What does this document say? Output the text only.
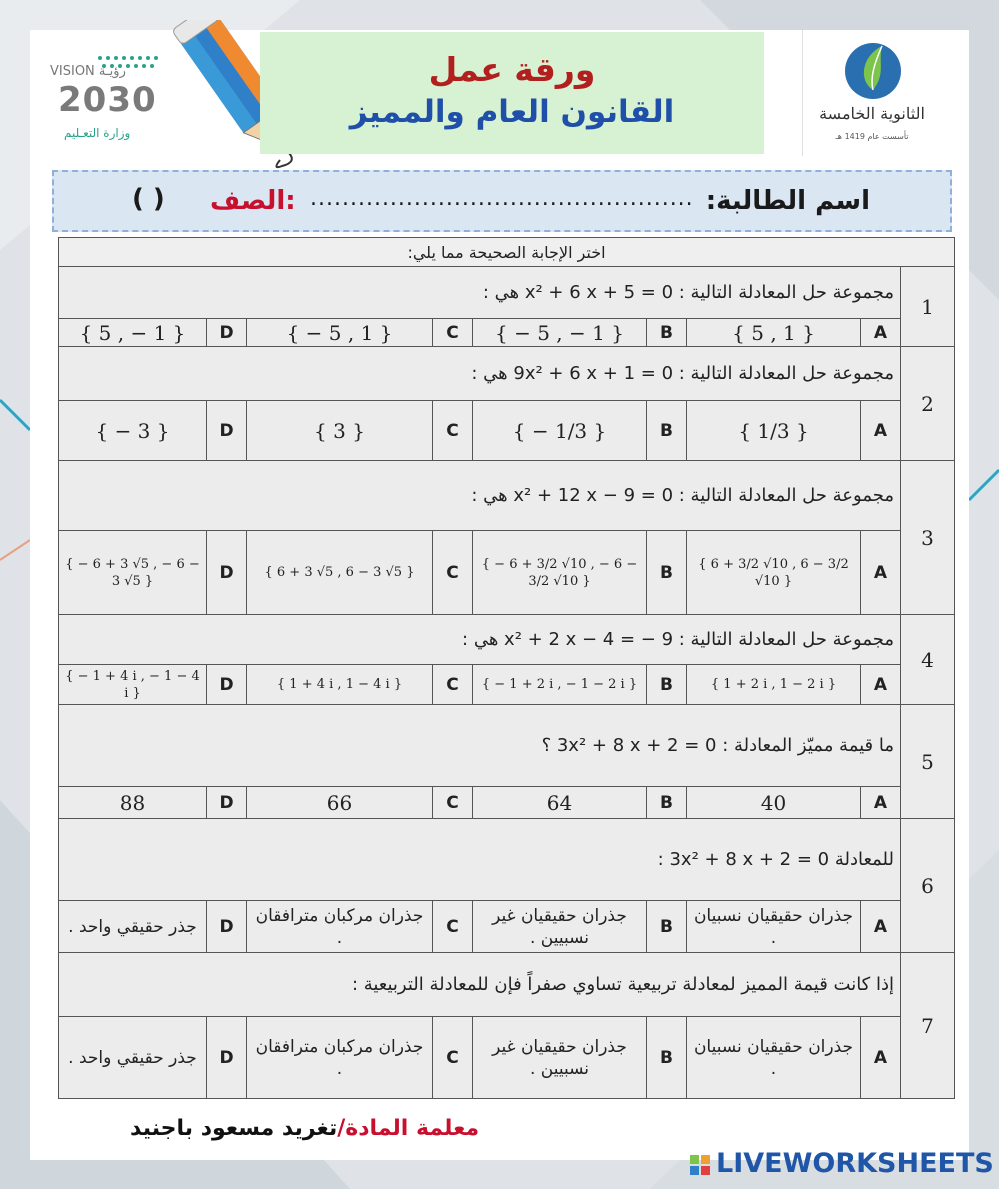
VISION رؤيـة
2030
وزارة التعـليم
ورقة عمل
القانون العام والمميز	الثانوية الخامسة
تأسست عام 1419 هـ
اسم الطالبة:
................................................
الصف:
( )
اختر الإجابة الصحيحة مما يلي:								
مجموعة حل المعادلة التالية : x² + 6 x + 5 = 0 هي :								1
{ 5 , − 1 }	D	{ − 5 , 1 }	C	{ − 5 , − 1 }	B	{ 5 , 1 }	A	
مجموعة حل المعادلة التالية : 9x² + 6 x + 1 = 0 هي :								2
{ − 3 }	D	{ 3 }	C	{ − 1/3 }	B	{ 1/3 }	A	
مجموعة حل المعادلة التالية : x² + 12 x − 9 = 0 هي :								3
{ − 6 + 3 √5 , − 6 − 3 √5 }	D	{ 6 + 3 √5 , 6 − 3 √5 }	C	{ − 6 + 3/2 √10 , − 6 − 3/2 √10 }	B	{ 6 + 3/2 √10 , 6 − 3/2 √10 }	A	
مجموعة حل المعادلة التالية : x² + 2 x − 4 = − 9 هي :								4
{ − 1 + 4 i , − 1 − 4 i }	D	{ 1 + 4 i , 1 − 4 i }	C	{ − 1 + 2 i , − 1 − 2 i }	B	{ 1 + 2 i , 1 − 2 i }	A	
ما قيمة مميّز المعادلة : 3x² + 8 x + 2 = 0 ؟								5
88	D	66	C	64	B	40	A	
للمعادلة 3x² + 8 x + 2 = 0 :								6
جذر حقيقي واحد .	D	جذران مركبان مترافقان .	C	جذران حقيقيان غير نسبيين .	B	جذران حقيقيان نسبيان .	A	
إذا كانت قيمة المميز لمعادلة تربيعية تساوي صفراً فإن للمعادلة التربيعية :								7
جذر حقيقي واحد .	D	جذران مركبان مترافقان .	C	جذران حقيقيان غير نسبيين .	B	جذران حقيقيان نسبيان .	A	
معلمة المادة/تغريد مسعود باجنيد
LIVEWORKSHEETS
